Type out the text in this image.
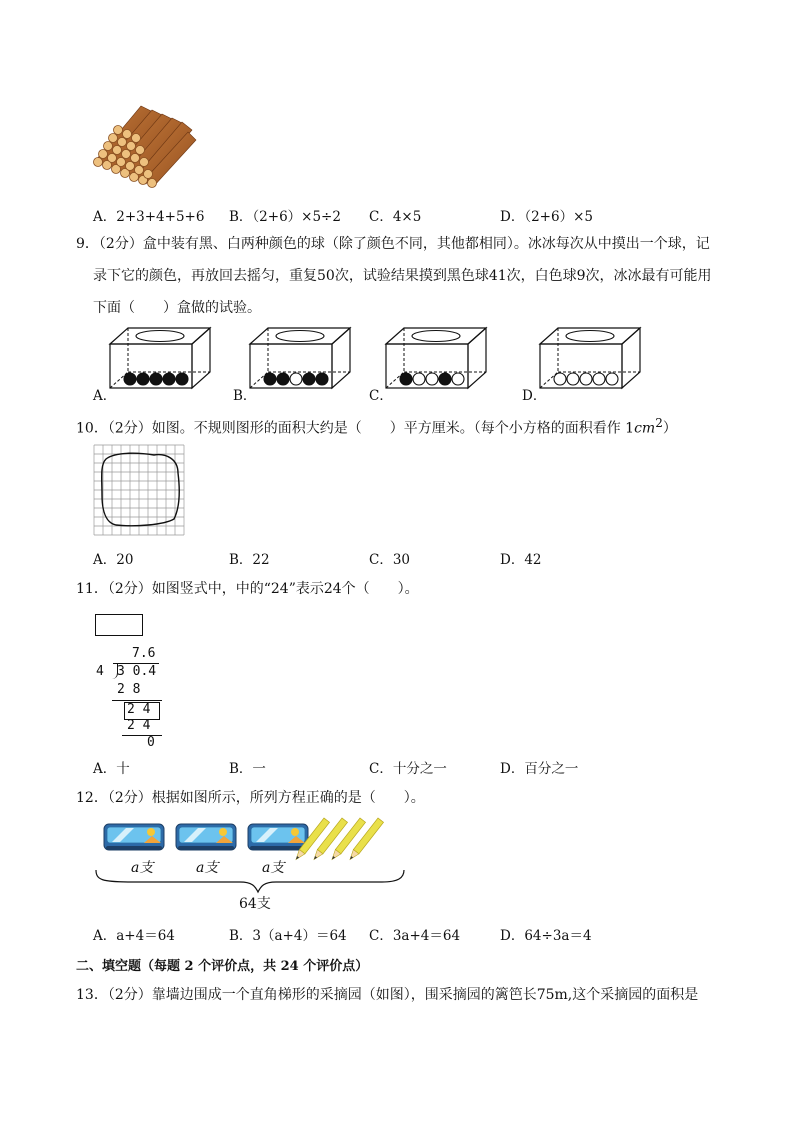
A．2+3+4+5+6 B．（2+6）×5÷2 C．4×5	D．（2+6）×5
9．（2分）盒中装有黑、白两种颜色的球（除了颜色不同，其他都相同）。冰冰每次从中摸出一个球，记
录下它的颜色，再放回去摇匀，重复50次，试验结果摸到黑色球41次，白色球9次，冰冰最有可能用
下面（　　）盒做的试验。
A．	B．	C．	D．
10．（2分）如图。不规则图形的面积大约是（　　）平方厘米。（每个小方格的面积看作 $1cm^2$）
A．20	B．22	C．30	D．42
11．（2分）如图竖式中，中的“24”表示24个（　　）。
7.6
4 3 0.4
2 8
2 4
2 4
0
A．十	B．一	C．十分之一	D．百分之一
12．（2分）根据如图所示，所列方程正确的是（　　）。
a支	a支	a支
64支
A．a+4＝64	B．3（a+4）＝64 C．3a+4＝64	D．64÷3a＝4
二、填空题（每题 2 个评价点，共 24 个评价点）
13．（2分）靠墙边围成一个直角梯形的采摘园（如图），围采摘园的篱笆长75m,这个采摘园的面积是
